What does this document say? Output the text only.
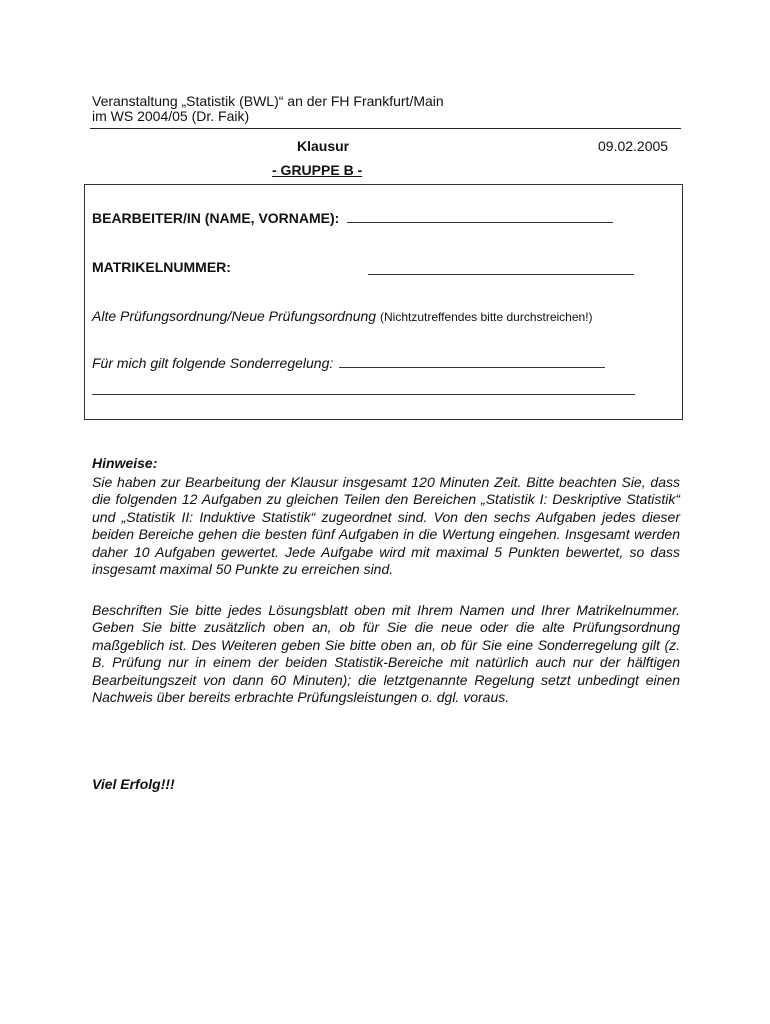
Veranstaltung „Statistik (BWL)“ an der FH Frankfurt/Main
im WS 2004/05 (Dr. Faik)
Klausur	09.02.2005
- GRUPPE B -
BEARBEITER/IN (NAME, VORNAME):
MATRIKELNUMMER:
Alte Prüfungsordnung/Neue Prüfungsordnung (Nichtzutreffendes bitte durchstreichen!)
Für mich gilt folgende Sonderregelung:
Hinweise:
Sie haben zur Bearbeitung der Klausur insgesamt 120 Minuten Zeit. Bitte beachten Sie, dass die folgenden 12 Aufgaben zu gleichen Teilen den Bereichen „Statistik I: Deskriptive Statistik“ und „Statistik II: Induktive Statistik“ zugeordnet sind. Von den sechs Aufgaben jedes dieser beiden Bereiche gehen die besten fünf Aufgaben in die Wertung eingehen. Insgesamt werden daher 10 Aufgaben gewertet. Jede Aufgabe wird mit maximal 5 Punkten bewertet, so dass insgesamt maximal 50 Punkte zu erreichen sind.
Beschriften Sie bitte jedes Lösungsblatt oben mit Ihrem Namen und Ihrer Matrikelnummer. Geben Sie bitte zusätzlich oben an, ob für Sie die neue oder die alte Prüfungsordnung maßgeblich ist. Des Weiteren geben Sie bitte oben an, ob für Sie eine Sonderregelung gilt (z. B. Prüfung nur in einem der beiden Statistik-Bereiche mit natürlich auch nur der hälftigen Bearbeitungszeit von dann 60 Minuten); die letztgenannte Regelung setzt unbedingt einen Nachweis über bereits erbrachte Prüfungsleistungen o. dgl. voraus.
Viel Erfolg!!!
